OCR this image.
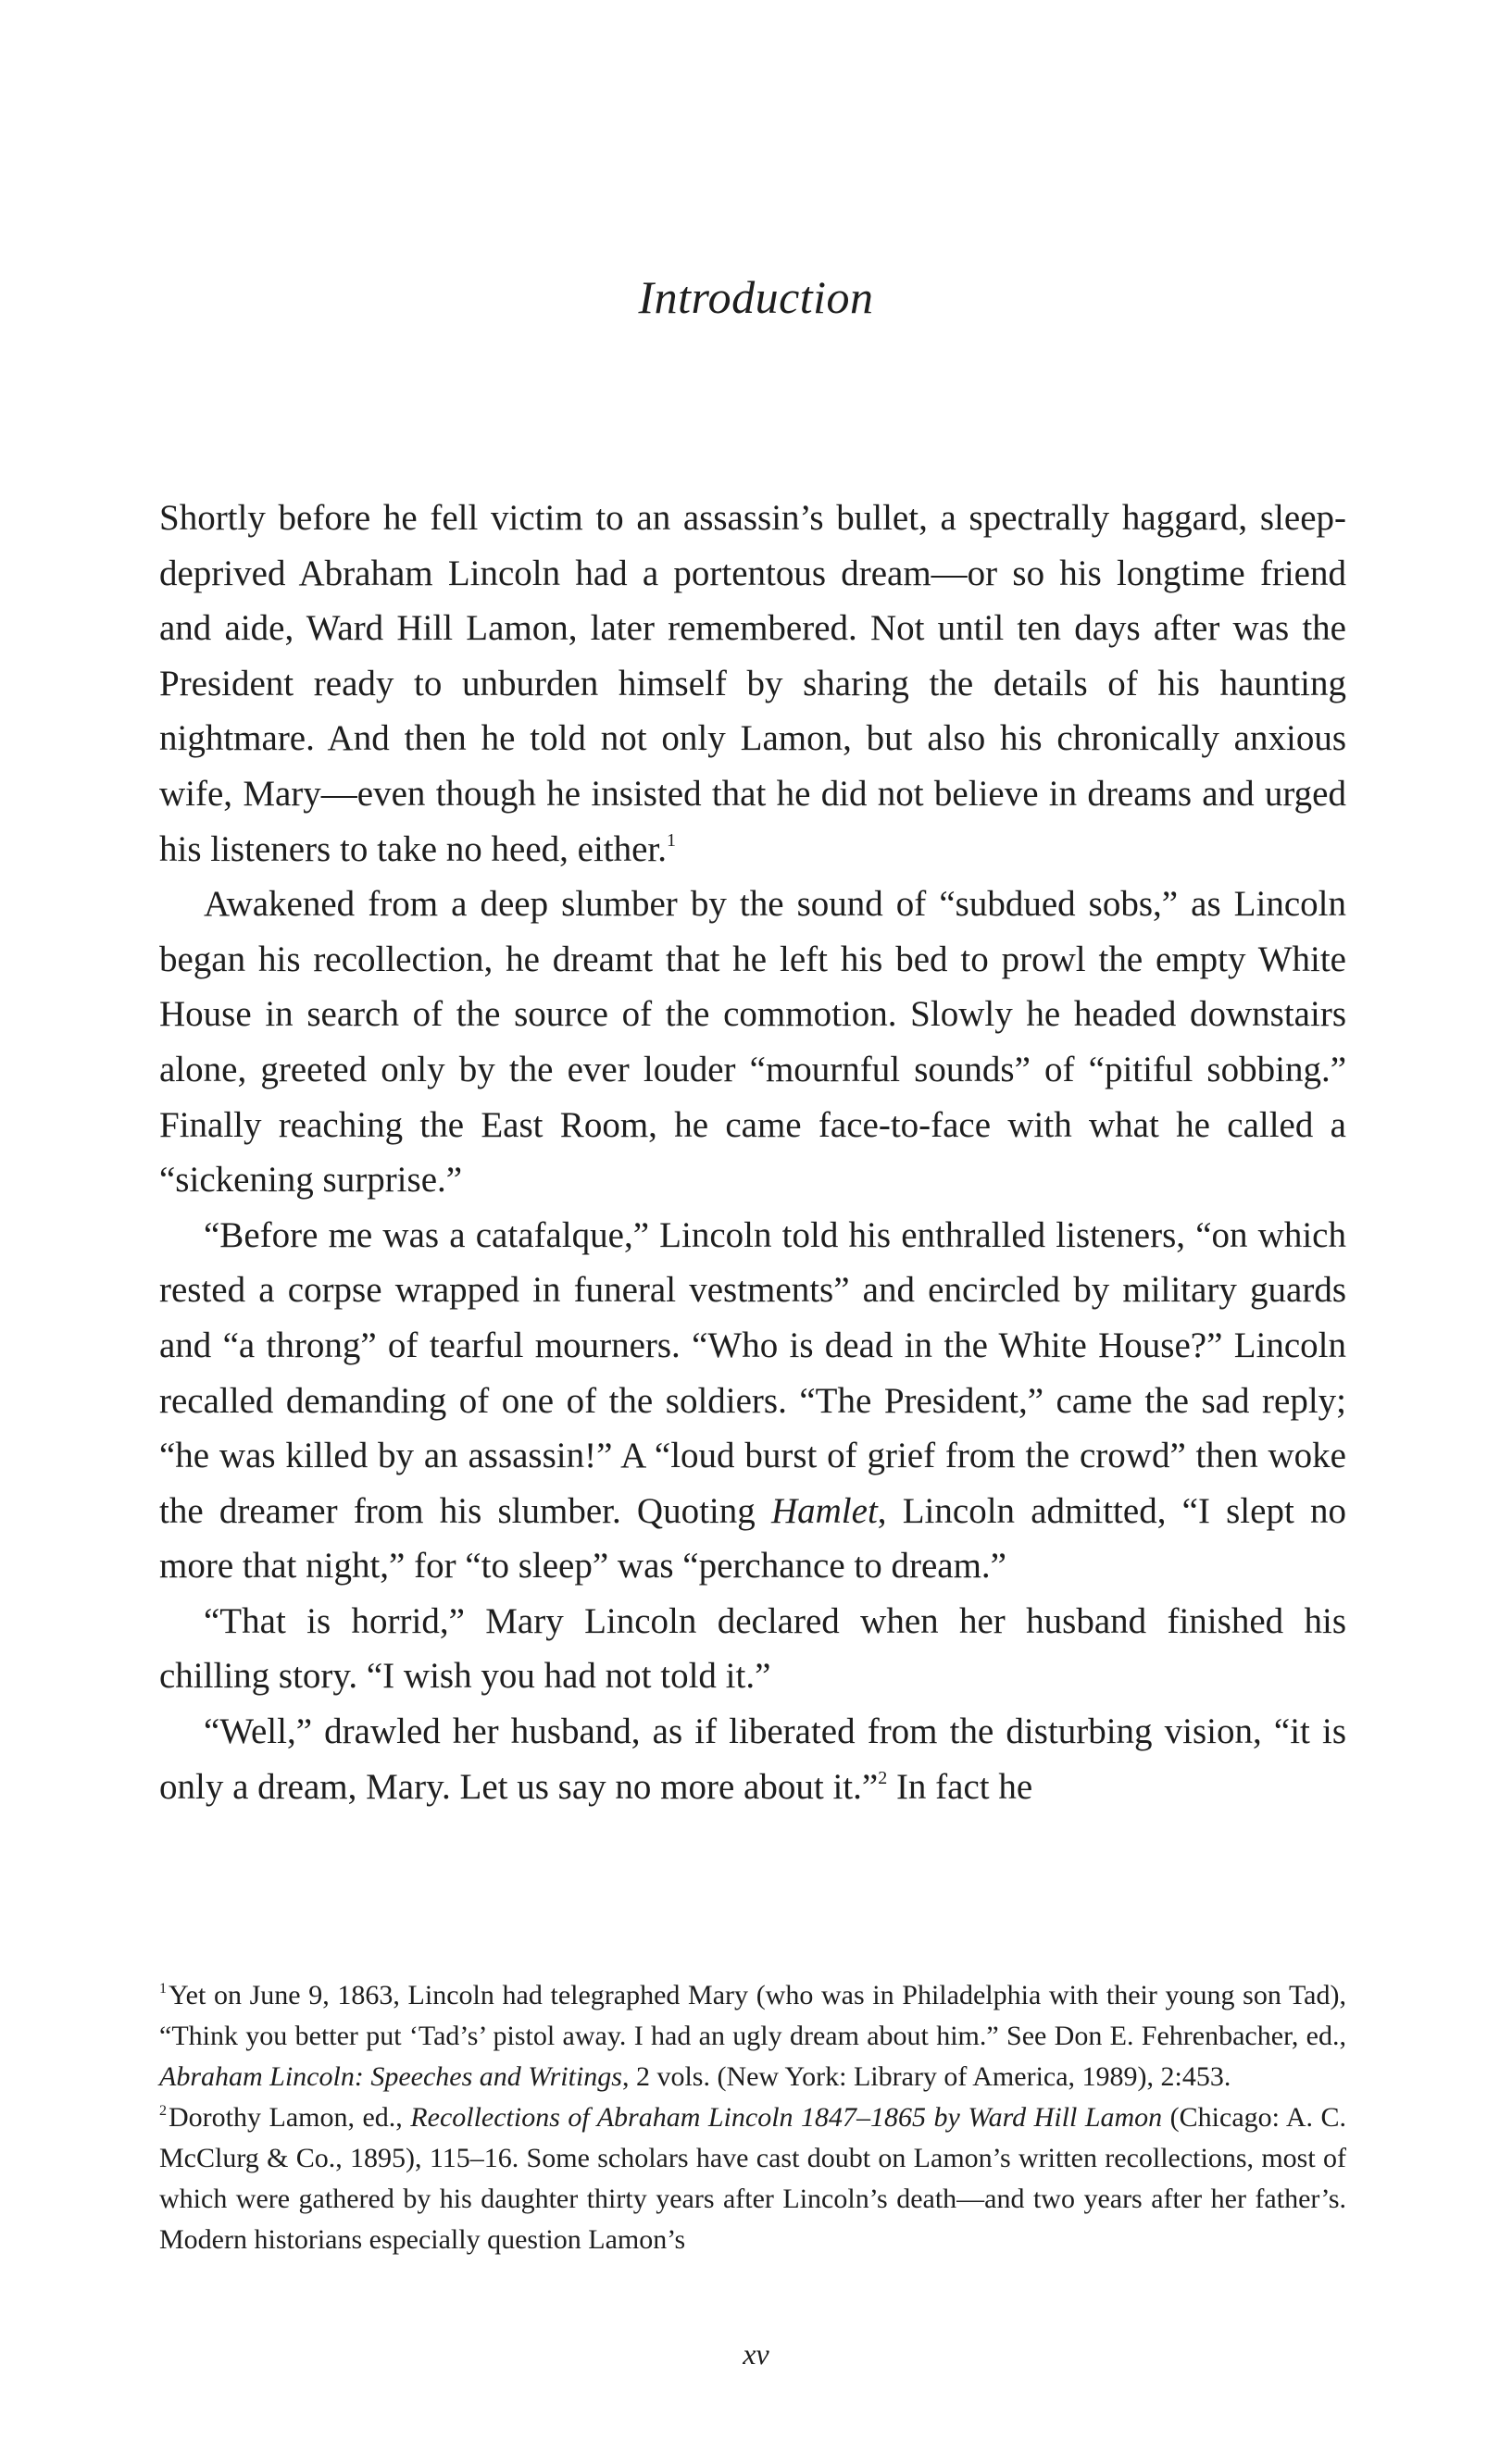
Introduction

Shortly before he fell victim to an assassin’s bullet, a spectrally haggard, sleep-deprived Abraham Lincoln had a portentous dream—or so his longtime friend and aide, Ward Hill Lamon, later remembered. Not until ten days after was the President ready to unburden himself by sharing the details of his haunting nightmare. And then he told not only Lamon, but also his chronically anxious wife, Mary—even though he insisted that he did not believe in dreams and urged his listeners to take no heed, either.$^1$

Awakened from a deep slumber by the sound of “subdued sobs,” as Lincoln began his recollection, he dreamt that he left his bed to prowl the empty White House in search of the source of the commotion. Slowly he headed downstairs alone, greeted only by the ever louder “mournful sounds” of “pitiful sobbing.” Finally reaching the East Room, he came face-to-face with what he called a “sickening surprise.”

“Before me was a catafalque,” Lincoln told his enthralled listeners, “on which rested a corpse wrapped in funeral vestments” and encircled by military guards and “a throng” of tearful mourners. “Who is dead in the White House?” Lincoln recalled demanding of one of the soldiers. “The President,” came the sad reply; “he was killed by an assassin!” A “loud burst of grief from the crowd” then woke the dreamer from his slumber. Quoting Hamlet, Lincoln admitted, “I slept no more that night,” for “to sleep” was “perchance to dream.”

“That is horrid,” Mary Lincoln declared when her husband finished his chilling story. “I wish you had not told it.”

“Well,” drawled her husband, as if liberated from the disturbing vision, “it is only a dream, Mary. Let us say no more about it.”$^2$ In fact he

$^1$Yet on June 9, 1863, Lincoln had telegraphed Mary (who was in Philadelphia with their young son Tad), “Think you better put ‘Tad’s’ pistol away. I had an ugly dream about him.” See Don E. Fehrenbacher, ed., Abraham Lincoln: Speeches and Writings, 2 vols. (New York: Library of America, 1989), 2:453.

$^2$Dorothy Lamon, ed., Recollections of Abraham Lincoln 1847–1865 by Ward Hill Lamon (Chicago: A. C. McClurg & Co., 1895), 115–16. Some scholars have cast doubt on Lamon’s written recollections, most of which were gathered by his daughter thirty years after Lincoln’s death—and two years after her father’s. Modern historians especially question Lamon’s

xv
